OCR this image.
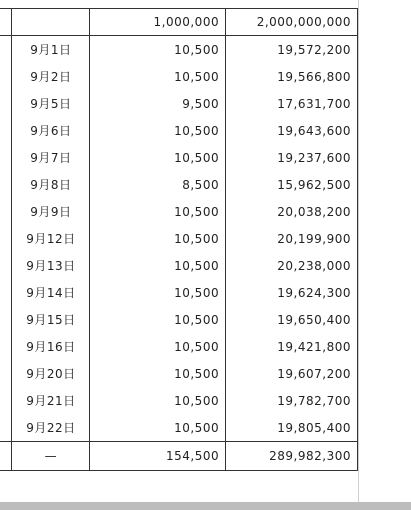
		1,000,000	2,000,000,000
	9月1日	10,500	19,572,200
	9月2日	10,500	19,566,800
	9月5日	9,500	17,631,700
	9月6日	10,500	19,643,600
	9月7日	10,500	19,237,600
	9月8日	8,500	15,962,500
	9月9日	10,500	20,038,200
	9月12日	10,500	20,199,900
	9月13日	10,500	20,238,000
	9月14日	10,500	19,624,300
	9月15日	10,500	19,650,400
	9月16日	10,500	19,421,800
	9月20日	10,500	19,607,200
	9月21日	10,500	19,782,700
	9月22日	10,500	19,805,400
	—	154,500	289,982,300
